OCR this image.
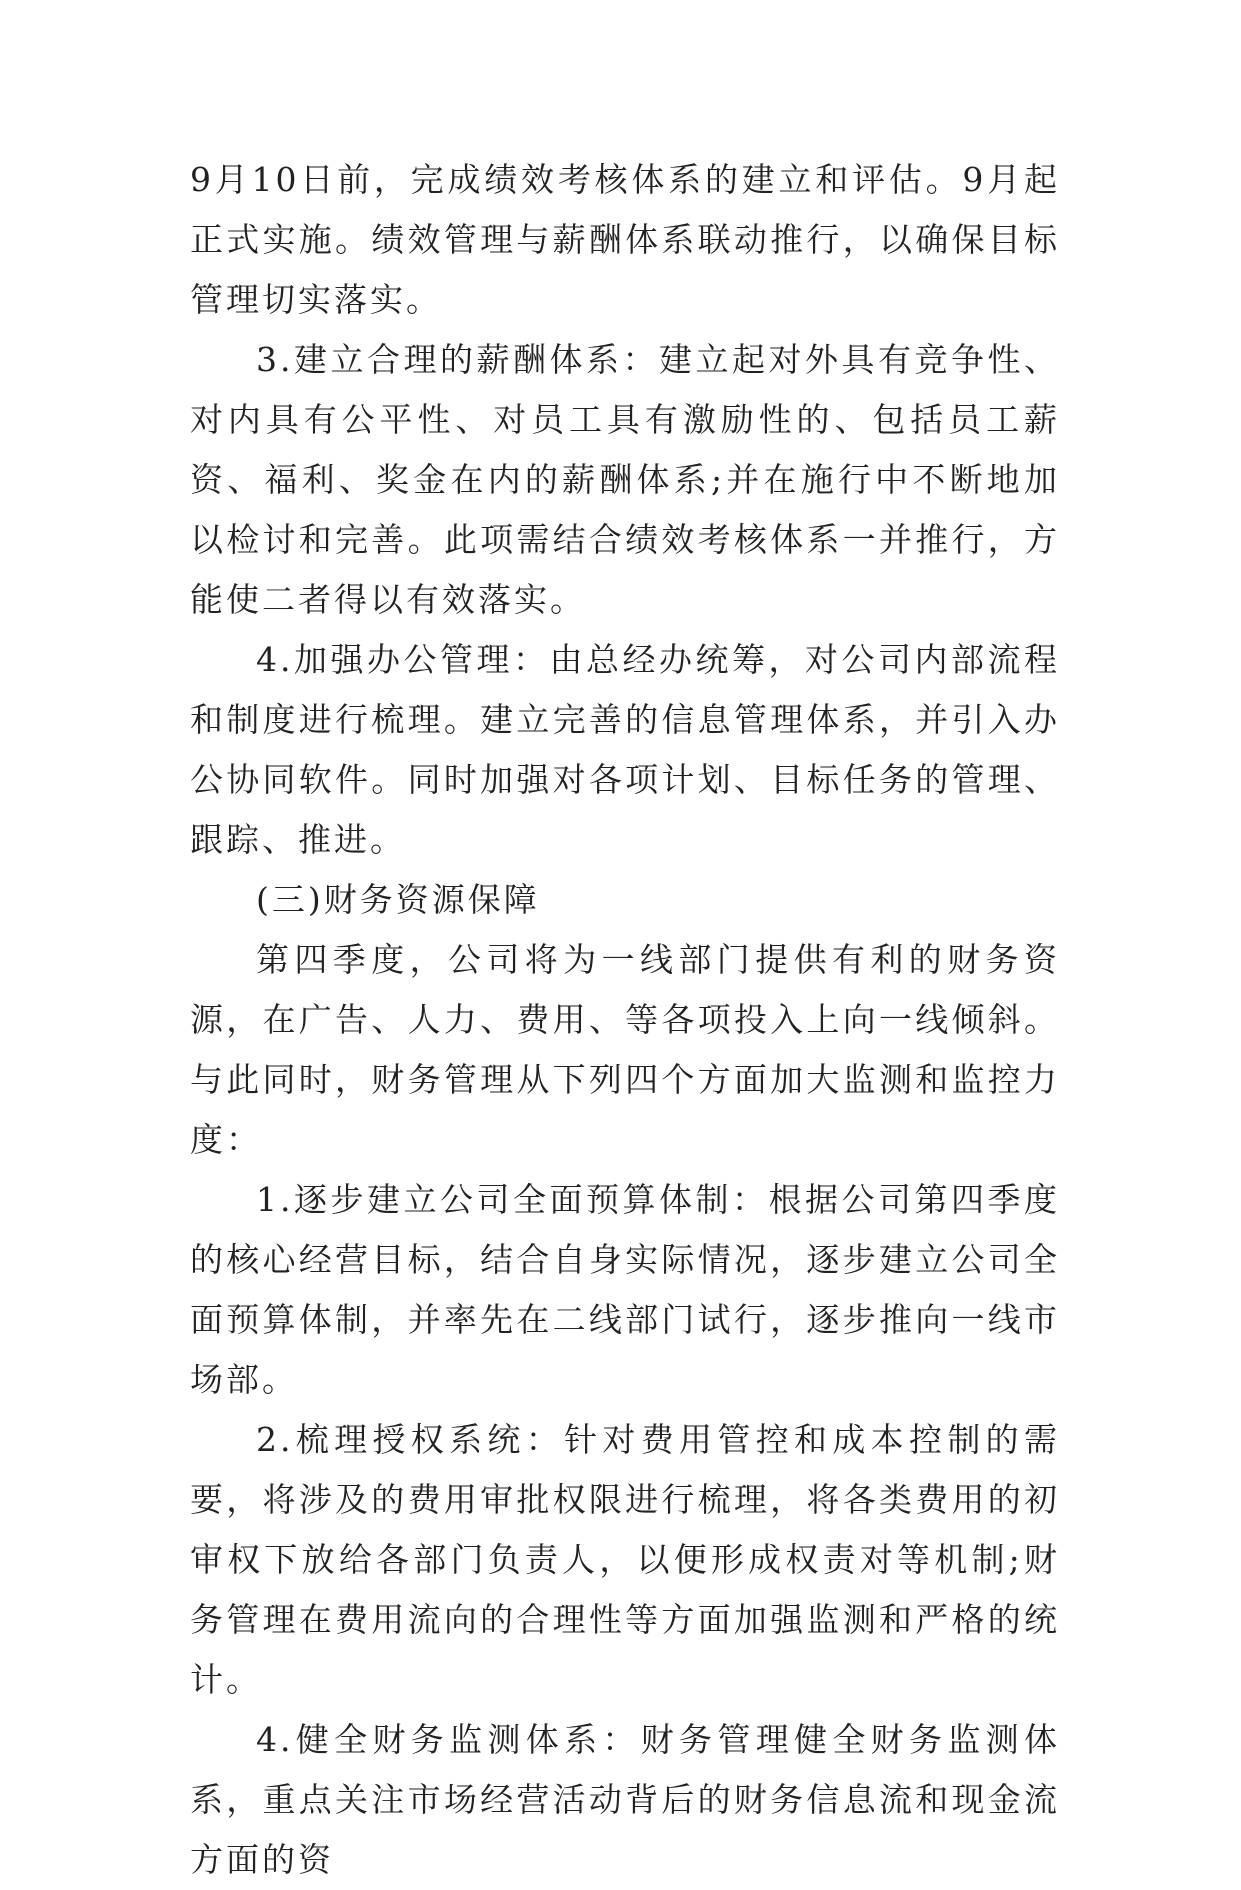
9月10日前，完成绩效考核体系的建立和评估。9月起正式实施。绩效管理与薪酬体系联动推行，以确保目标管理切实落实。

3.建立合理的薪酬体系：建立起对外具有竞争性、对内具有公平性、对员工具有激励性的、包括员工薪资、福利、奖金在内的薪酬体系;并在施行中不断地加以检讨和完善。此项需结合绩效考核体系一并推行，方能使二者得以有效落实。

4.加强办公管理：由总经办统筹，对公司内部流程和制度进行梳理。建立完善的信息管理体系，并引入办公协同软件。同时加强对各项计划、目标任务的管理、跟踪、推进。

(三)财务资源保障

第四季度，公司将为一线部门提供有利的财务资源，在广告、人力、费用、等各项投入上向一线倾斜。与此同时，财务管理从下列四个方面加大监测和监控力度：

1.逐步建立公司全面预算体制：根据公司第四季度的核心经营目标，结合自身实际情况，逐步建立公司全面预算体制，并率先在二线部门试行，逐步推向一线市场部。

2.梳理授权系统：针对费用管控和成本控制的需要，将涉及的费用审批权限进行梳理，将各类费用的初审权下放给各部门负责人，以便形成权责对等机制;财务管理在费用流向的合理性等方面加强监测和严格的统计。

4.健全财务监测体系：财务管理健全财务监测体系，重点关注市场经营活动背后的财务信息流和现金流方面的资
